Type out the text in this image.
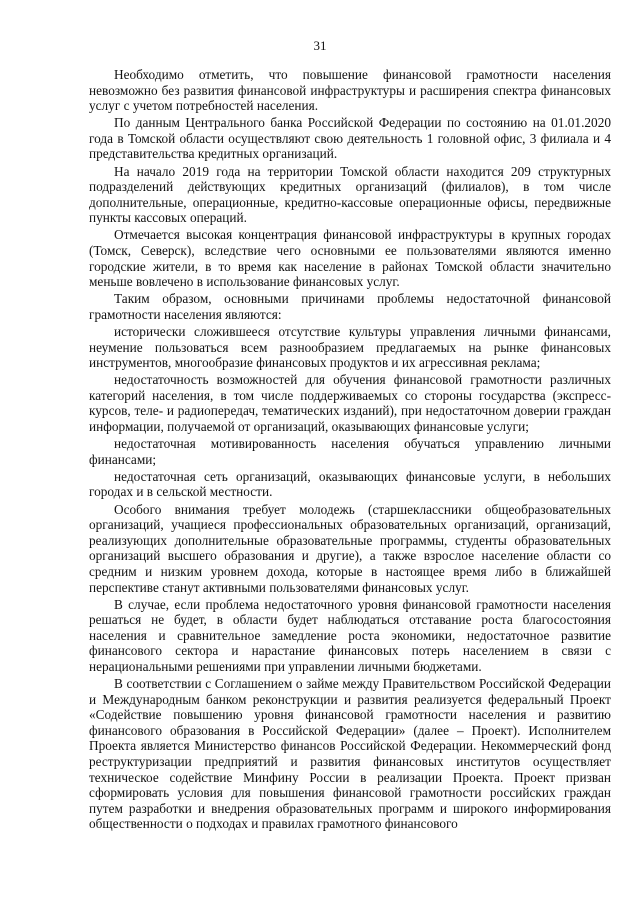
31

Необходимо отметить, что повышение финансовой грамотности населения невозможно без развития финансовой инфраструктуры и расширения спектра финансовых услуг с учетом потребностей населения.

По данным Центрального банка Российской Федерации по состоянию на 01.01.2020 года в Томской области осуществляют свою деятельность 1 головной офис, 3 филиала и 4 представительства кредитных организаций.

На начало 2019 года на территории Томской области находится 209 структурных подразделений действующих кредитных организаций (филиалов), в том числе дополнительные, операционные, кредитно-кассовые операционные офисы, передвижные пункты кассовых операций.

Отмечается высокая концентрация финансовой инфраструктуры в крупных городах (Томск, Северск), вследствие чего основными ее пользователями являются именно городские жители, в то время как население в районах Томской области значительно меньше вовлечено в использование финансовых услуг.

Таким образом, основными причинами проблемы недостаточной финансовой грамотности населения являются:

исторически сложившееся отсутствие культуры управления личными финансами, неумение пользоваться всем разнообразием предлагаемых на рынке финансовых инструментов, многообразие финансовых продуктов и их агрессивная реклама;

недостаточность возможностей для обучения финансовой грамотности различных категорий населения, в том числе поддерживаемых со стороны государства (экспресс-курсов, теле- и радиопередач, тематических изданий), при недостаточном доверии граждан информации, получаемой от организаций, оказывающих финансовые услуги;

недостаточная мотивированность населения обучаться управлению личными финансами;

недостаточная сеть организаций, оказывающих финансовые услуги, в небольших городах и в сельской местности.

Особого внимания требует молодежь (старшеклассники общеобразовательных организаций, учащиеся профессиональных образовательных организаций, организаций, реализующих дополнительные образовательные программы, студенты образовательных организаций высшего образования и другие), а также взрослое население области со средним и низким уровнем дохода, которые в настоящее время либо в ближайшей перспективе станут активными пользователями финансовых услуг.

В случае, если проблема недостаточного уровня финансовой грамотности населения решаться не будет, в области будет наблюдаться отставание роста благосостояния населения и сравнительное замедление роста экономики, недостаточное развитие финансового сектора и нарастание финансовых потерь населением в связи с нерациональными решениями при управлении личными бюджетами.

В соответствии с Соглашением о займе между Правительством Российской Федерации и Международным банком реконструкции и развития реализуется федеральный Проект «Содействие повышению уровня финансовой грамотности населения и развитию финансового образования в Российской Федерации» (далее – Проект). Исполнителем Проекта является Министерство финансов Российской Федерации. Некоммерческий фонд реструктуризации предприятий и развития финансовых институтов осуществляет техническое содействие Минфину России в реализации Проекта. Проект призван сформировать условия для повышения финансовой грамотности российских граждан путем разработки и внедрения образовательных программ и широкого информирования общественности о подходах и правилах грамотного финансового
